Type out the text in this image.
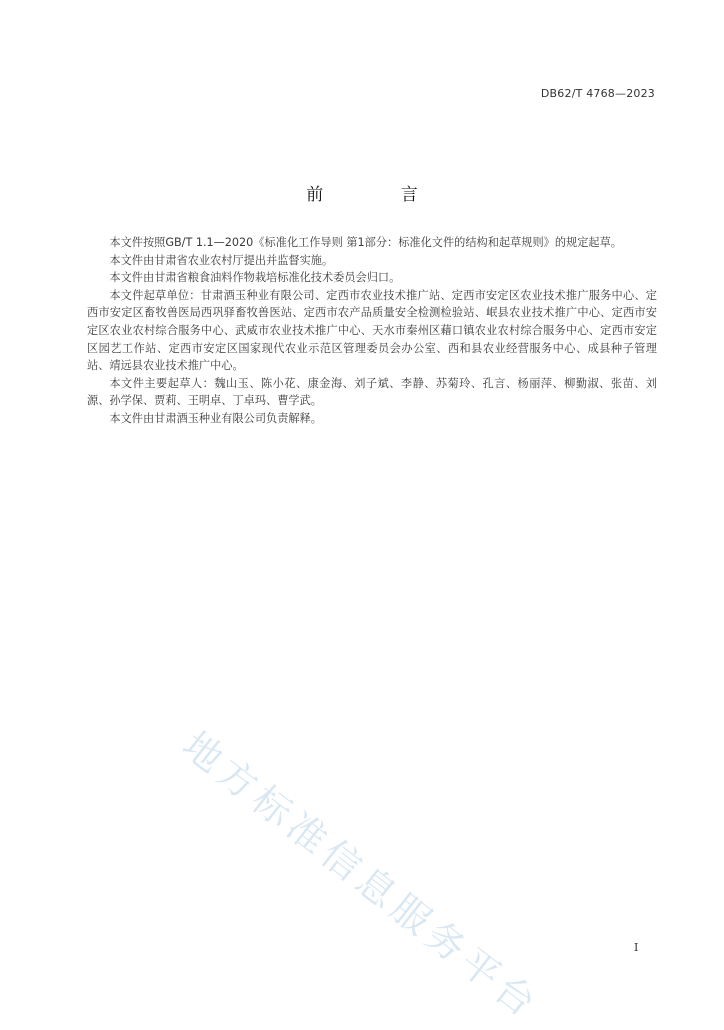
DB62/T 4768—2023
前 言

本文件按照GB/T 1.1—2020《标准化工作导则 第1部分：标准化文件的结构和起草规则》的规定起草。

本文件由甘肃省农业农村厅提出并监督实施。

本文件由甘肃省粮食油料作物栽培标准化技术委员会归口。

本文件起草单位：甘肃酒玉种业有限公司、定西市农业技术推广站、定西市安定区农业技术推广服务中心、定西市安定区畜牧兽医局西巩驿畜牧兽医站、定西市农产品质量安全检测检验站、岷县农业技术推广中心、定西市安定区农业农村综合服务中心、武威市农业技术推广中心、天水市秦州区藉口镇农业农村综合服务中心、定西市安定区园艺工作站、定西市安定区国家现代农业示范区管理委员会办公室、西和县农业经营服务中心、成县种子管理站、靖远县农业技术推广中心。

本文件主要起草人：魏山玉、陈小花、康金海、刘子斌、李静、苏菊玲、孔言、杨丽萍、柳勤淑、张苗、刘源、孙学保、贾莉、王明卓、丁卓玛、曹学武。

本文件由甘肃酒玉种业有限公司负责解释。

地方标准信息服务平台	I
